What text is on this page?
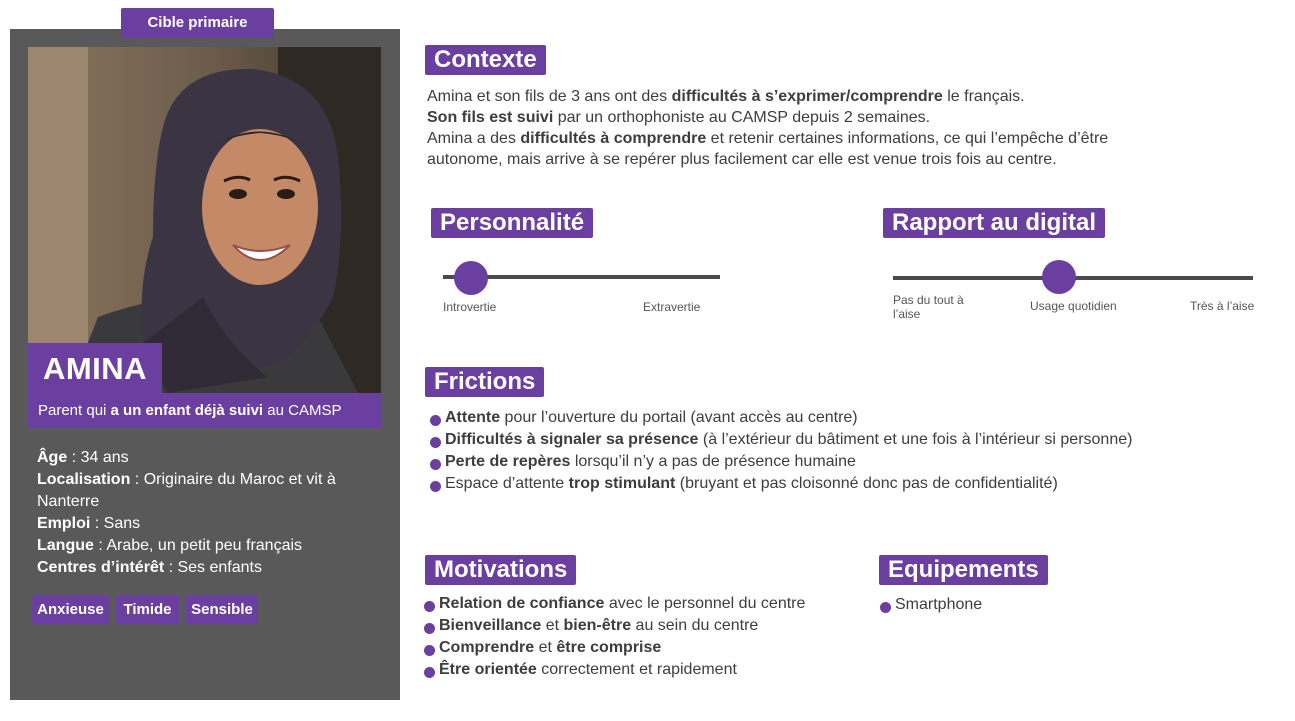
Cible primaire
AMINA
Parent qui a un enfant déjà suivi au CAMSP

Âge : 34 ans

Localisation : Originaire du Maroc et vit à Nanterre

Emploi : Sans

Langue : Arabe, un petit peu français

Centres d’intérêt : Ses enfants

Anxieuse	Timide	Sensible
Contexte

Amina et son fils de 3 ans ont des difficultés à s’exprimer/comprendre le français.

Son fils est suivi par un orthophoniste au CAMSP depuis 2 semaines.

Amina a des difficultés à comprendre et retenir certaines informations, ce qui l’empêche d’être

autonome, mais arrive à se repérer plus facilement car elle est venue trois fois au centre.

Personnalité
Introvertie	Extravertie
Rapport au digital
Pas du tout à l’aise
Usage quotidien	Très à l’aise
Frictions
Attente pour l’ouverture du portail (avant accès au centre)
Difficultés à signaler sa présence (à l’extérieur du bâtiment et une fois à l’intérieur si personne)
Perte de repères lorsqu’il n’y a pas de présence humaine
Espace d’attente trop stimulant (bruyant et pas cloisonné donc pas de confidentialité)
Motivations
Relation de confiance avec le personnel du centre
Bienveillance et bien-être au sein du centre
Comprendre et être comprise
Être orientée correctement et rapidement
Equipements
Smartphone
